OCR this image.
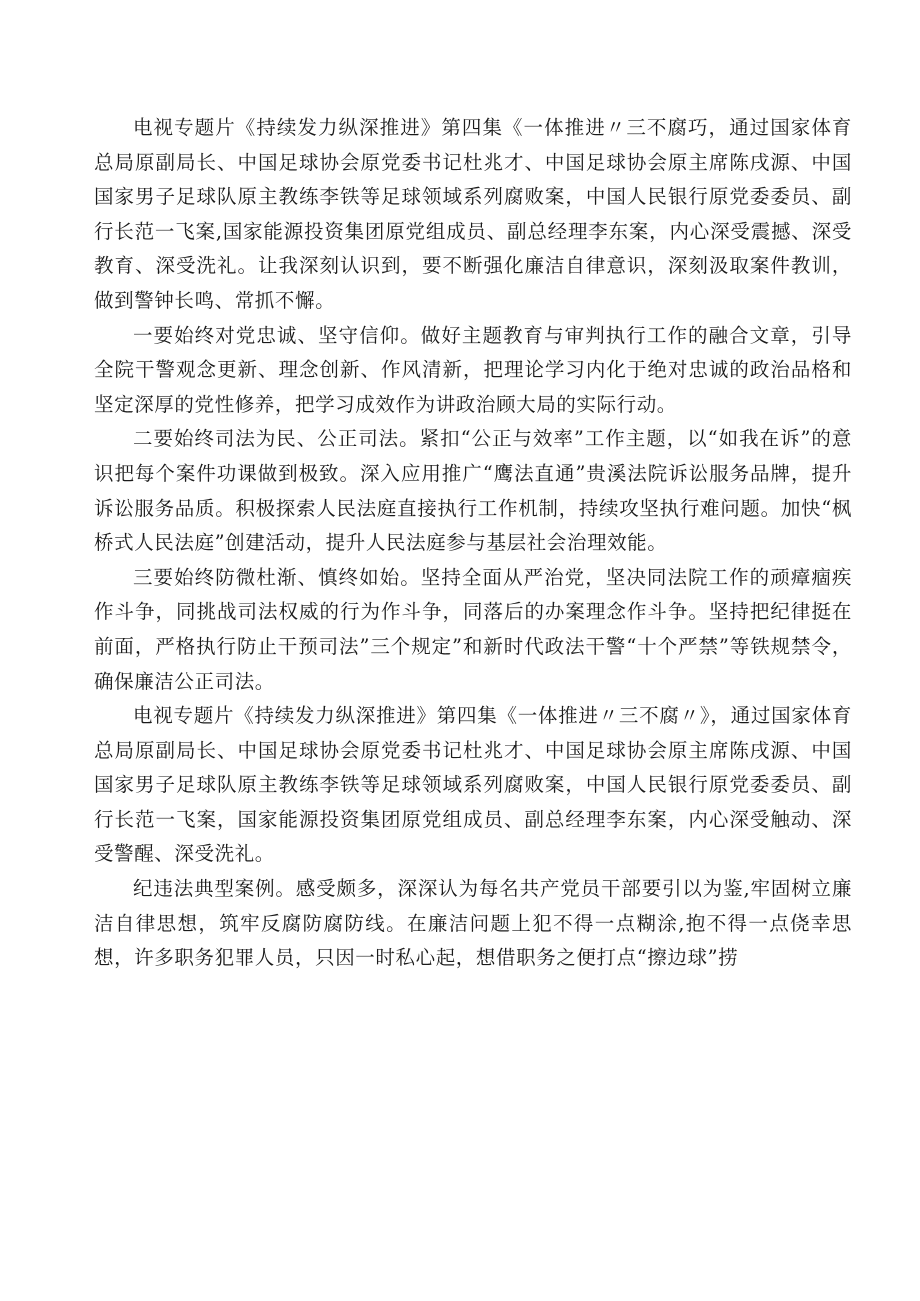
电视专题片《持续发力纵深推进》第四集《一体推进〃三不腐巧，通过国家体育总局原副局长、中国足球协会原党委书记杜兆才、中国足球协会原主席陈戌源、中国国家男子足球队原主教练李铁等足球领域系列腐败案，中国人民银行原党委委员、副行长范一飞案,国家能源投资集团原党组成员、副总经理李东案，内心深受震撼、深受教育、深受洗礼。让我深刻认识到，要不断强化廉洁自律意识，深刻汲取案件教训，做到警钟长鸣、常抓不懈。

一要始终对党忠诚、坚守信仰。做好主题教育与审判执行工作的融合文章，引导全院干警观念更新、理念创新、作风清新，把理论学习内化于绝对忠诚的政治品格和坚定深厚的党性修养，把学习成效作为讲政治顾大局的实际行动。

二要始终司法为民、公正司法。紧扣“公正与效率”工作主题，以“如我在诉”的意识把每个案件功课做到极致。深入应用推广“鹰法直通”贵溪法院诉讼服务品牌，提升诉讼服务品质。积极探索人民法庭直接执行工作机制，持续攻坚执行难问题。加快“枫桥式人民法庭”创建活动，提升人民法庭参与基层社会治理效能。

三要始终防微杜渐、慎终如始。坚持全面从严治党，坚决同法院工作的顽瘴痼疾作斗争，同挑战司法权威的行为作斗争，同落后的办案理念作斗争。坚持把纪律挺在前面，严格执行防止干预司法”三个规定”和新时代政法干警“十个严禁”等铁规禁令，确保廉洁公正司法。

电视专题片《持续发力纵深推进》第四集《一体推进〃三不腐〃》，通过国家体育总局原副局长、中国足球协会原党委书记杜兆才、中国足球协会原主席陈戌源、中国国家男子足球队原主教练李铁等足球领域系列腐败案，中国人民银行原党委委员、副行长范一飞案，国家能源投资集团原党组成员、副总经理李东案，内心深受触动、深受警醒、深受洗礼。

纪违法典型案例。感受颇多，深深认为每名共产党员干部要引以为鉴,牢固树立廉洁自律思想，筑牢反腐防腐防线。在廉洁问题上犯不得一点糊涂,抱不得一点侥幸思想，许多职务犯罪人员，只因一时私心起，想借职务之便打点“擦边球”捞
